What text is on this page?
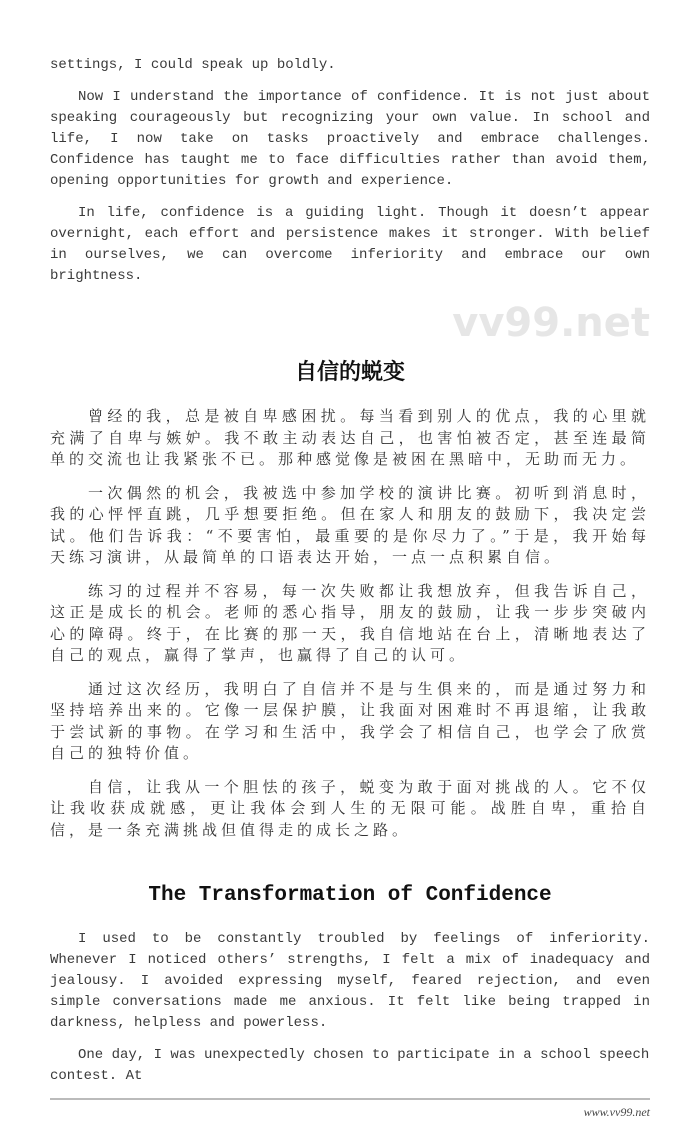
settings, I could speak up boldly.

Now I understand the importance of confidence. It is not just about speaking courageously but recognizing your own value. In school and life, I now take on tasks proactively and embrace challenges. Confidence has taught me to face difficulties rather than avoid them, opening opportunities for growth and experience.

In life, confidence is a guiding light. Though it doesn’t appear overnight, each effort and persistence makes it stronger. With belief in ourselves, we can overcome inferiority and embrace our own brightness.

vv99.net
自信的蜕变

曾经的我，总是被自卑感困扰。每当看到别人的优点，我的心里就充满了自卑与嫉妒。我不敢主动表达自己，也害怕被否定，甚至连最简单的交流也让我紧张不已。那种感觉像是被困在黑暗中，无助而无力。

一次偶然的机会，我被选中参加学校的演讲比赛。初听到消息时，我的心怦怦直跳，几乎想要拒绝。但在家人和朋友的鼓励下，我决定尝试。他们告诉我：“不要害怕，最重要的是你尽力了。”于是，我开始每天练习演讲，从最简单的口语表达开始，一点一点积累自信。

练习的过程并不容易，每一次失败都让我想放弃，但我告诉自己，这正是成长的机会。老师的悉心指导，朋友的鼓励，让我一步步突破内心的障碍。终于，在比赛的那一天，我自信地站在台上，清晰地表达了自己的观点，赢得了掌声，也赢得了自己的认可。

通过这次经历，我明白了自信并不是与生俱来的，而是通过努力和坚持培养出来的。它像一层保护膜，让我面对困难时不再退缩，让我敢于尝试新的事物。在学习和生活中，我学会了相信自己，也学会了欣赏自己的独特价值。

自信，让我从一个胆怯的孩子，蜕变为敢于面对挑战的人。它不仅让我收获成就感，更让我体会到人生的无限可能。战胜自卑，重拾自信，是一条充满挑战但值得走的成长之路。

The Transformation of Confidence

I used to be constantly troubled by feelings of inferiority. Whenever I noticed others’ strengths, I felt a mix of inadequacy and jealousy. I avoided expressing myself, feared rejection, and even simple conversations made me anxious. It felt like being trapped in darkness, helpless and powerless.

One day, I was unexpectedly chosen to participate in a school speech contest. At

www.vv99.net
